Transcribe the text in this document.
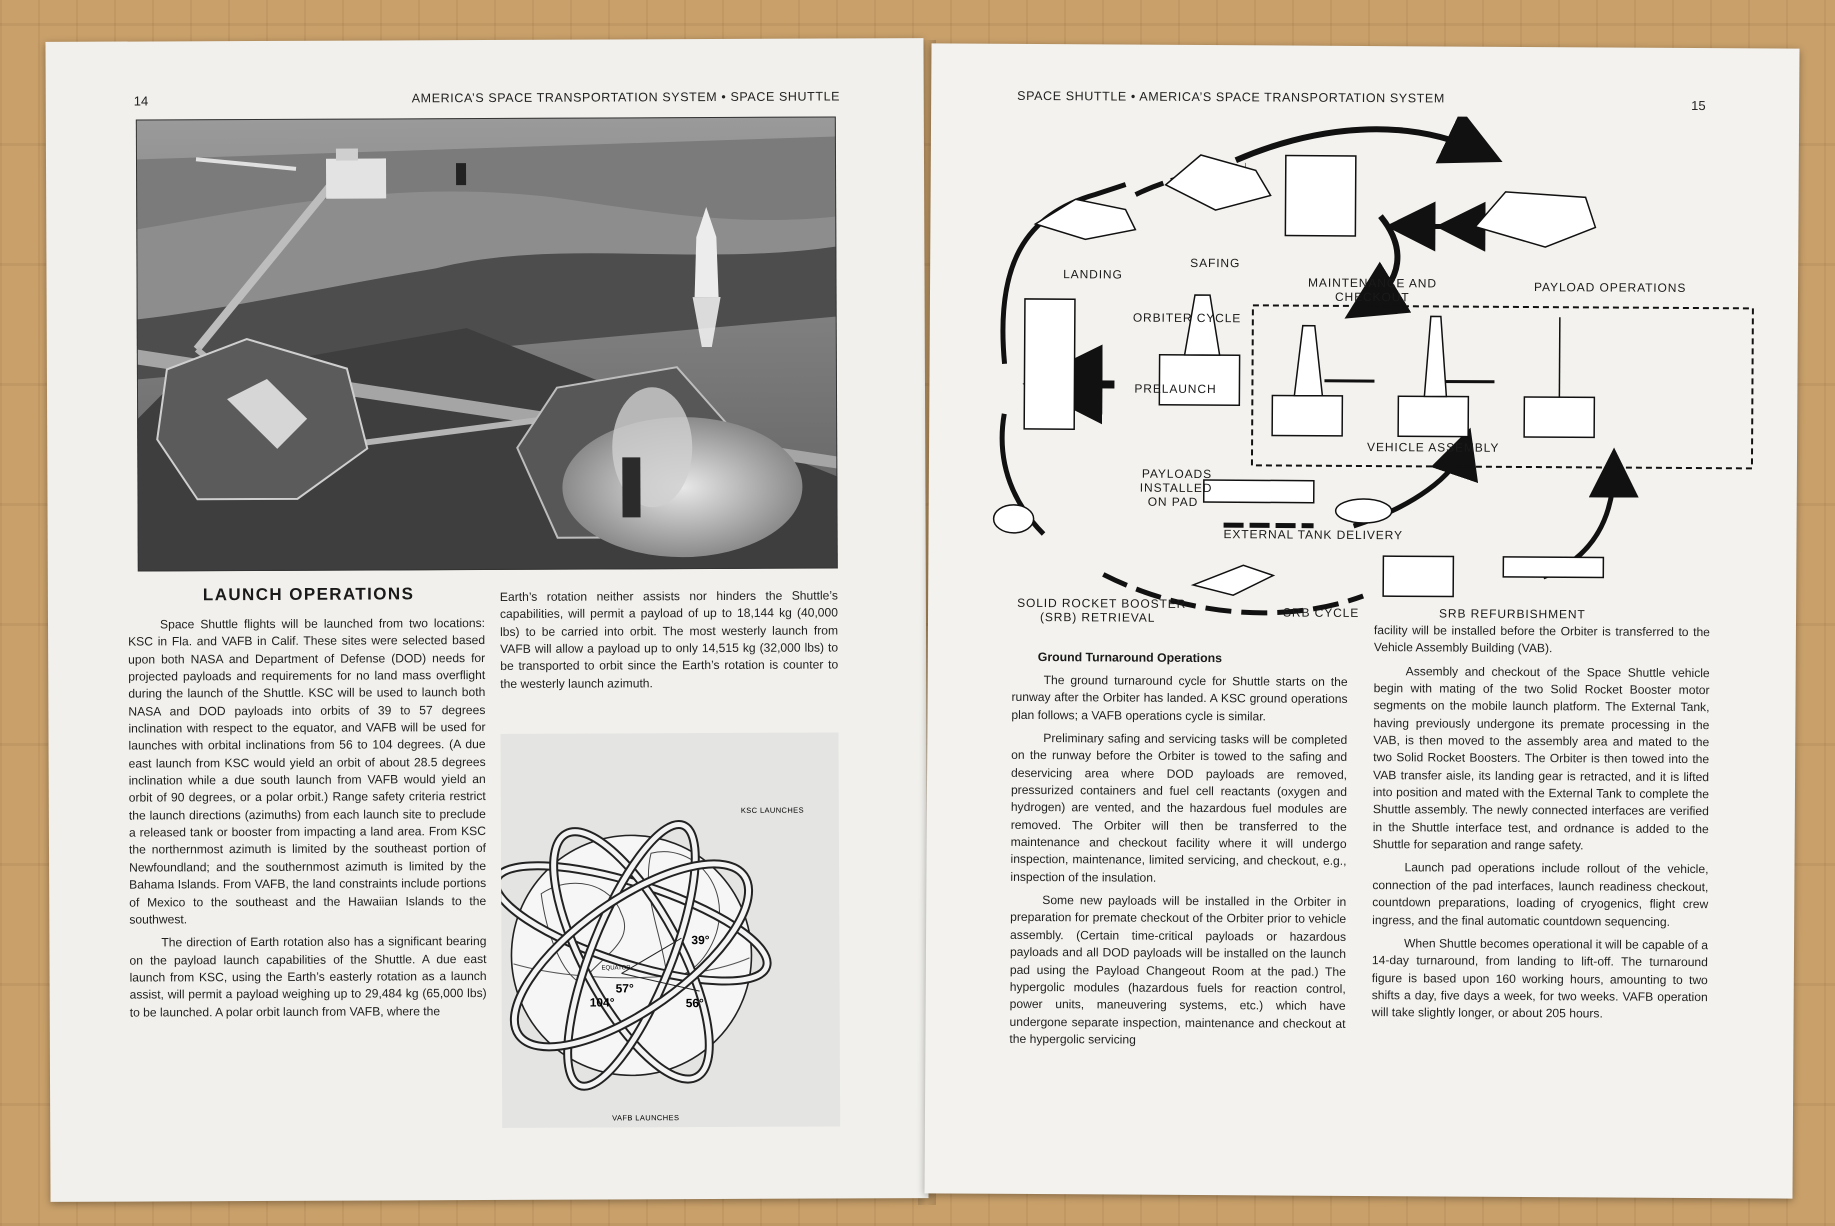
14	AMERICA’S SPACE TRANSPORTATION SYSTEM • SPACE SHUTTLE
LAUNCH OPERATIONS

Space Shuttle flights will be launched from two locations: KSC in Fla. and VAFB in Calif. These sites were selected based upon both NASA and Department of Defense (DOD) needs for projected payloads and requirements for no land mass overflight during the launch of the Shuttle. KSC will be used to launch both NASA and DOD payloads into orbits of 39 to 57 degrees inclination with respect to the equator, and VAFB will be used for launches with orbital inclinations from 56 to 104 degrees. (A due east launch from KSC would yield an orbit of about 28.5 degrees inclination while a due south launch from VAFB would yield an orbit of 90 degrees, or a polar orbit.) Range safety criteria restrict the launch directions (azimuths) from each launch site to preclude a released tank or booster from impacting a land area. From KSC the northernmost azimuth is limited by the southeast portion of Newfoundland; and the southernmost azimuth is limited by the Bahama Islands. From VAFB, the land constraints include portions of Mexico to the southeast and the Hawaiian Islands to the southwest.

The direction of Earth rotation also has a significant bearing on the payload launch capabilities of the Shuttle. A due east launch from KSC, using the Earth’s easterly rotation as a launch assist, will permit a payload weighing up to 29,484 kg (65,000 lbs) to be launched. A polar orbit launch from VAFB, where the

Earth’s rotation neither assists nor hinders the Shuttle’s capabilities, will permit a payload of up to 18,144 kg (40,000 lbs) to be carried into orbit. The most westerly launch from VAFB will allow a payload up to only 14,515 kg (32,000 lbs) to be transported to orbit since the Earth’s rotation is counter to the westerly launch azimuth.

KSC LAUNCHES
VAFB LAUNCHES
EQUATOR
39°
56°
57°
104°
SPACE SHUTTLE • AMERICA’S SPACE TRANSPORTATION SYSTEM
15
LANDING
SAFING
MAINTENANCE AND
CHECKOUT
PAYLOAD OPERATIONS
ORBITER CYCLE
PRELAUNCH
PAYLOADS
INSTALLED
ON PAD
VEHICLE ASSEMBLY
EXTERNAL TANK DELIVERY
SOLID ROCKET BOOSTER
(SRB) RETRIEVAL	SRB CYCLE	SRB REFURBISHMENT
Ground Turnaround Operations

The ground turnaround cycle for Shuttle starts on the runway after the Orbiter has landed. A KSC ground operations plan follows; a VAFB operations cycle is similar.

Preliminary safing and servicing tasks will be completed on the runway before the Orbiter is towed to the safing and deservicing area where DOD payloads are removed, pressurized containers and fuel cell reactants (oxygen and hydrogen) are vented, and the hazardous fuel modules are removed. The Orbiter will then be transferred to the maintenance and checkout facility where it will undergo inspection, maintenance, limited servicing, and checkout, e.g., inspection of the insulation.

Some new payloads will be installed in the Orbiter in preparation for premate checkout of the Orbiter prior to vehicle assembly. (Certain time-critical payloads or hazardous payloads and all DOD payloads will be installed on the launch pad using the Payload Changeout Room at the pad.) The hypergolic modules (hazardous fuels for reaction control, power units, maneuvering systems, etc.) which have undergone separate inspection, maintenance and checkout at the hypergolic servicing

facility will be installed before the Orbiter is transferred to the Vehicle Assembly Building (VAB).

Assembly and checkout of the Space Shuttle vehicle begin with mating of the two Solid Rocket Booster motor segments on the mobile launch platform. The External Tank, having previously undergone its premate processing in the VAB, is then moved to the assembly area and mated to the two Solid Rocket Boosters. The Orbiter is then towed into the VAB transfer aisle, its landing gear is retracted, and it is lifted into position and mated with the External Tank to complete the Shuttle assembly. The newly connected interfaces are verified in the Shuttle interface test, and ordnance is added to the Shuttle for separation and range safety.

Launch pad operations include rollout of the vehicle, connection of the pad interfaces, launch readiness checkout, countdown preparations, loading of cryogenics, flight crew ingress, and the final automatic countdown sequencing.

When Shuttle becomes operational it will be capable of a 14-day turnaround, from landing to lift-off. The turnaround figure is based upon 160 working hours, amounting to two shifts a day, five days a week, for two weeks. VAFB operation will take slightly longer, or about 205 hours.
